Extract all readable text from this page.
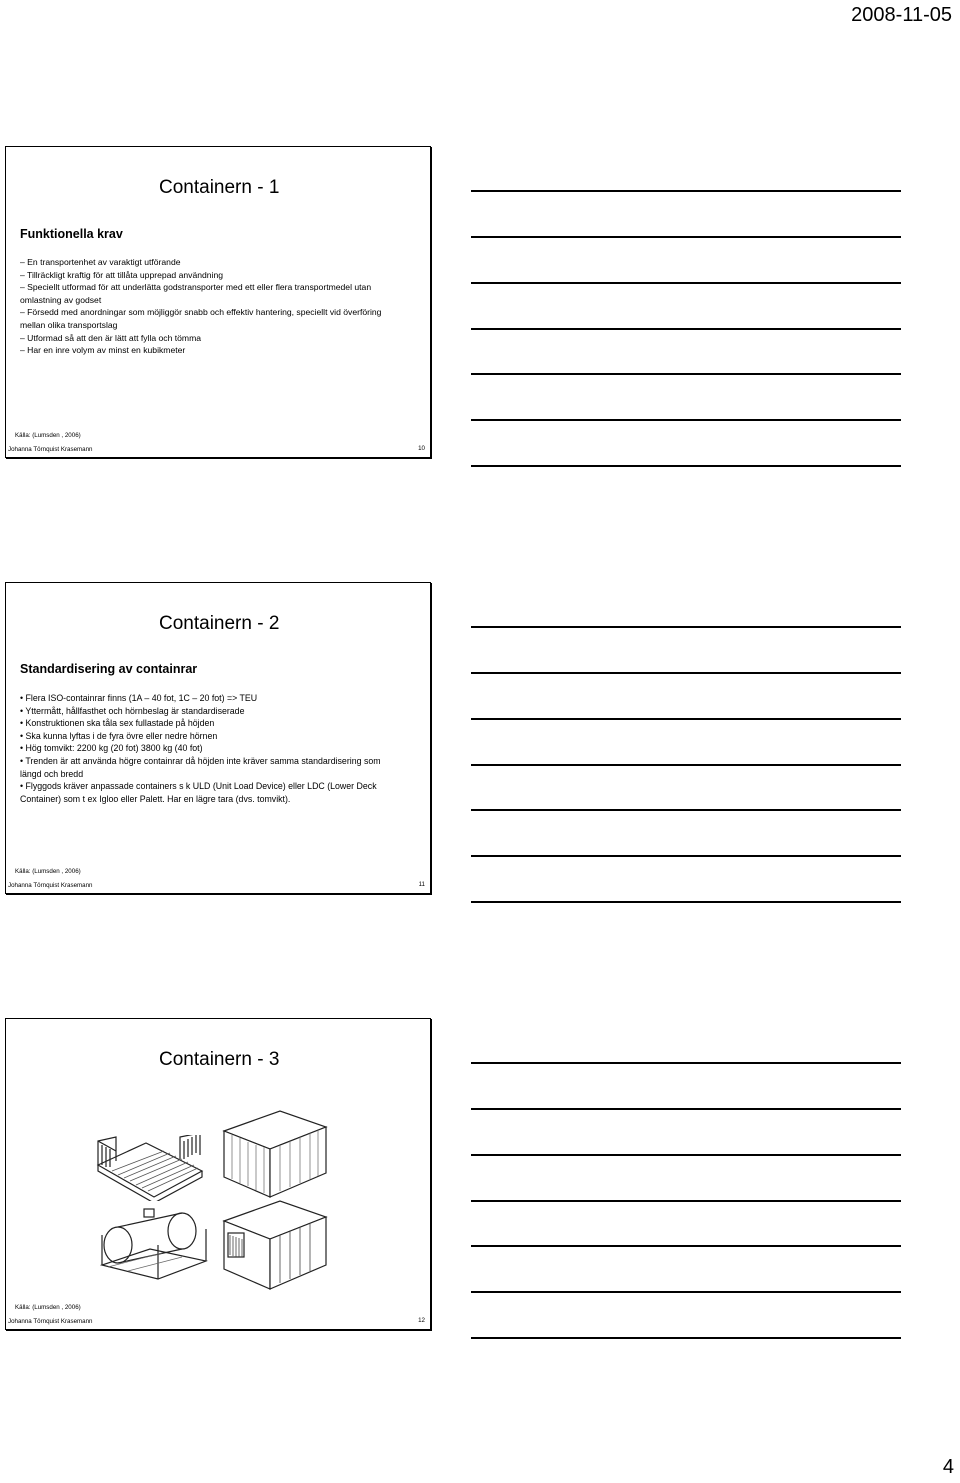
2008-11-05
Containern - 1
Funktionella krav

– En transportenhet av varaktigt utförande

– Tillräckligt kraftig för att tillåta upprepad användning

– Speciellt utformad för att underlätta godstransporter med ett eller flera transportmedel utan omlastning av godset

– Försedd med anordningar som möjliggör snabb och effektiv hantering, speciellt vid överföring mellan olika transportslag

– Utformad så att den är lätt att fylla och tömma

– Har en inre volym av minst en kubikmeter

Källa: (Lumsden , 2006)
Johanna Törnquist Krasemann	10
Containern - 2
Standardisering av containrar

• Flera ISO-containrar finns (1A – 40 fot, 1C – 20 fot) => TEU

• Yttermått, hållfasthet och hörnbeslag är standardiserade

• Konstruktionen ska tåla sex fullastade på höjden

• Ska kunna lyftas i de fyra övre eller nedre hörnen

• Hög tomvikt: 2200 kg (20 fot) 3800 kg (40 fot)

• Trenden är att använda högre containrar då höjden inte kräver samma standardisering som längd och bredd

• Flyggods kräver anpassade containers s k ULD (Unit Load Device) eller LDC (Lower Deck Container) som t ex Igloo eller Palett. Har en lägre tara (dvs. tomvikt).

Källa: (Lumsden , 2006)
Johanna Törnquist Krasemann	11
Containern - 3
Källa: (Lumsden , 2006)
Johanna Törnquist Krasemann	12
4
